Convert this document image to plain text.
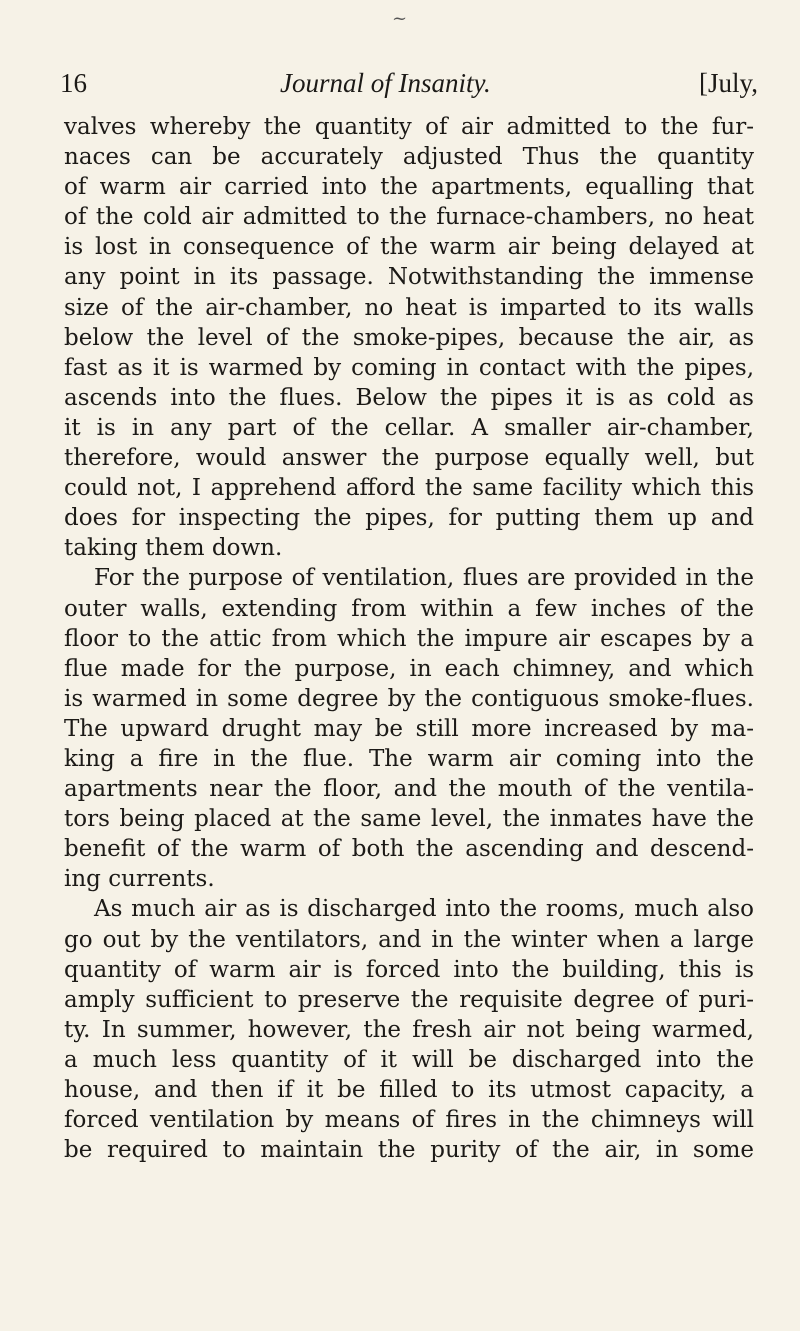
~
16	Journal of Insanity.	[July,

valves whereby the quantity of air admitted to the fur-
naces can be accurately adjusted Thus the quantity
of warm air carried into the apartments, equalling that
of the cold air admitted to the furnace-chambers, no heat
is lost in consequence of the warm air being delayed at
any point in its passage. Notwithstanding the immense
size of the air-chamber, no heat is imparted to its walls
below the level of the smoke-pipes, because the air, as
fast as it is warmed by coming in contact with the pipes,
ascends into the flues. Below the pipes it is as cold as
it is in any part of the cellar. A smaller air-chamber,
therefore, would answer the purpose equally well, but
could not, I apprehend afford the same facility which this
does for inspecting the pipes, for putting them up and
taking them down.

For the purpose of ventilation, flues are provided in the
outer walls, extending from within a few inches of the
floor to the attic from which the impure air escapes by a
flue made for the purpose, in each chimney, and which
is warmed in some degree by the contiguous smoke-flues.
The upward drught may be still more increased by ma-
king a fire in the flue. The warm air coming into the
apartments near the floor, and the mouth of the ventila-
tors being placed at the same level, the inmates have the
benefit of the warm of both the ascending and descend-
ing currents.

As much air as is discharged into the rooms, much also
go out by the ventilators, and in the winter when a large
quantity of warm air is forced into the building, this is
amply sufficient to preserve the requisite degree of puri-
ty. In summer, however, the fresh air not being warmed,
a much less quantity of it will be discharged into the
house, and then if it be filled to its utmost capacity, a
forced ventilation by means of fires in the chimneys will
be required to maintain the purity of the air, in some
